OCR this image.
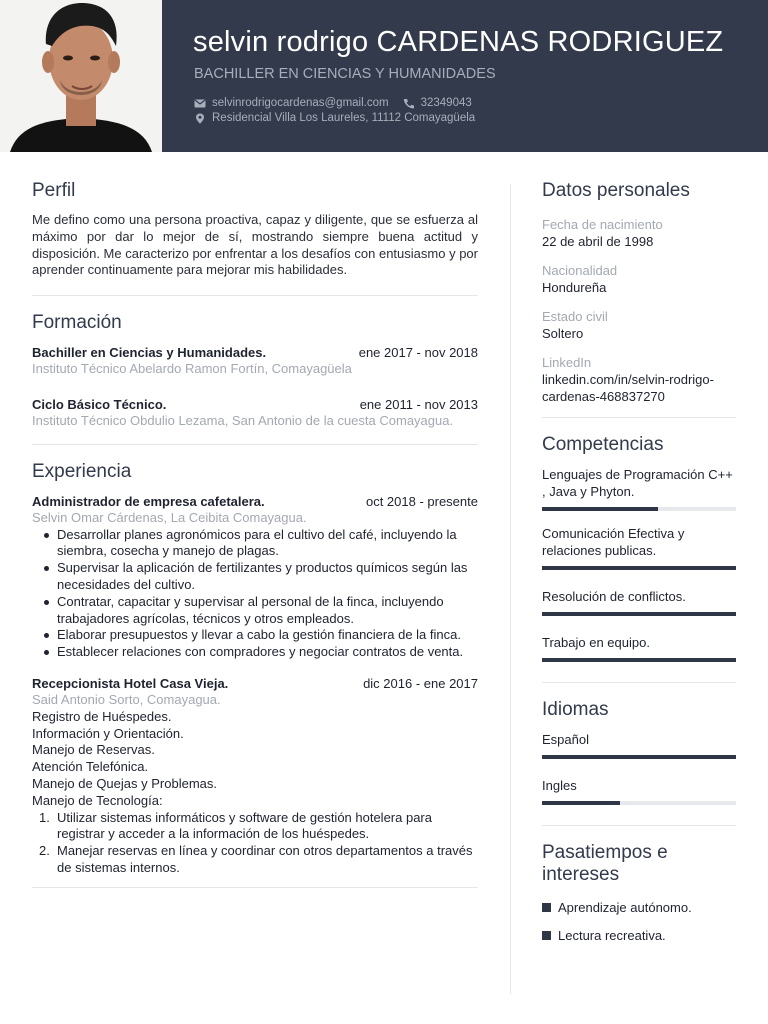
selvin rodrigo CARDENAS RODRIGUEZ
BACHILLER EN CIENCIAS Y HUMANIDADES
selvinrodrigocardenas@gmail.com	32349043
Residencial Villa Los Laureles, 11112 Comayagüela
Perfil

Me defino como una persona proactiva, capaz y diligente, que se esfuerza al máximo por dar lo mejor de sí, mostrando siempre buena actitud y disposición. Me caracterizo por enfrentar a los desafíos con entusiasmo y por aprender continuamente para mejorar mis habilidades.

Formación
Bachiller en Ciencias y Humanidades.	ene 2017 - nov 2018
Instituto Técnico Abelardo Ramon Fortín, Comayagüela
Ciclo Básico Técnico.	ene 2011 - nov 2013
Instituto Técnico Obdulio Lezama, San Antonio de la cuesta Comayagua.
Experiencia
Administrador de empresa cafetalera.	oct 2018 - presente
Selvin Omar Cárdenas, La Ceibita Comayagua.
Desarrollar planes agronómicos para el cultivo del café, incluyendo la siembra, cosecha y manejo de plagas.
Supervisar la aplicación de fertilizantes y productos químicos según las necesidades del cultivo.
Contratar, capacitar y supervisar al personal de la finca, incluyendo trabajadores agrícolas, técnicos y otros empleados.
Elaborar presupuestos y llevar a cabo la gestión financiera de la finca.
Establecer relaciones con compradores y negociar contratos de venta.
Recepcionista Hotel Casa Vieja.	dic 2016 - ene 2017
Said Antonio Sorto, Comayagua.
Registro de Huéspedes.
Información y Orientación.
Manejo de Reservas.
Atención Telefónica.
Manejo de Quejas y Problemas.
Manejo de Tecnología:
1. Utilizar sistemas informáticos y software de gestión hotelera para registrar y acceder a la información de los huéspedes.
2. Manejar reservas en línea y coordinar con otros departamentos a través de sistemas internos.
Datos personales
Fecha de nacimiento
22 de abril de 1998
Nacionalidad
Hondureña
Estado civil
Soltero
LinkedIn
linkedin.com/in/selvin-rodrigo-cardenas-468837270
Competencias
Lenguajes de Programación C++ , Java y Phyton.
Comunicación Efectiva y relaciones publicas.
Resolución de conflictos.
Trabajo en equipo.
Idiomas
Español
Ingles
Pasatiempos e intereses
Aprendizaje autónomo.
Lectura recreativa.
